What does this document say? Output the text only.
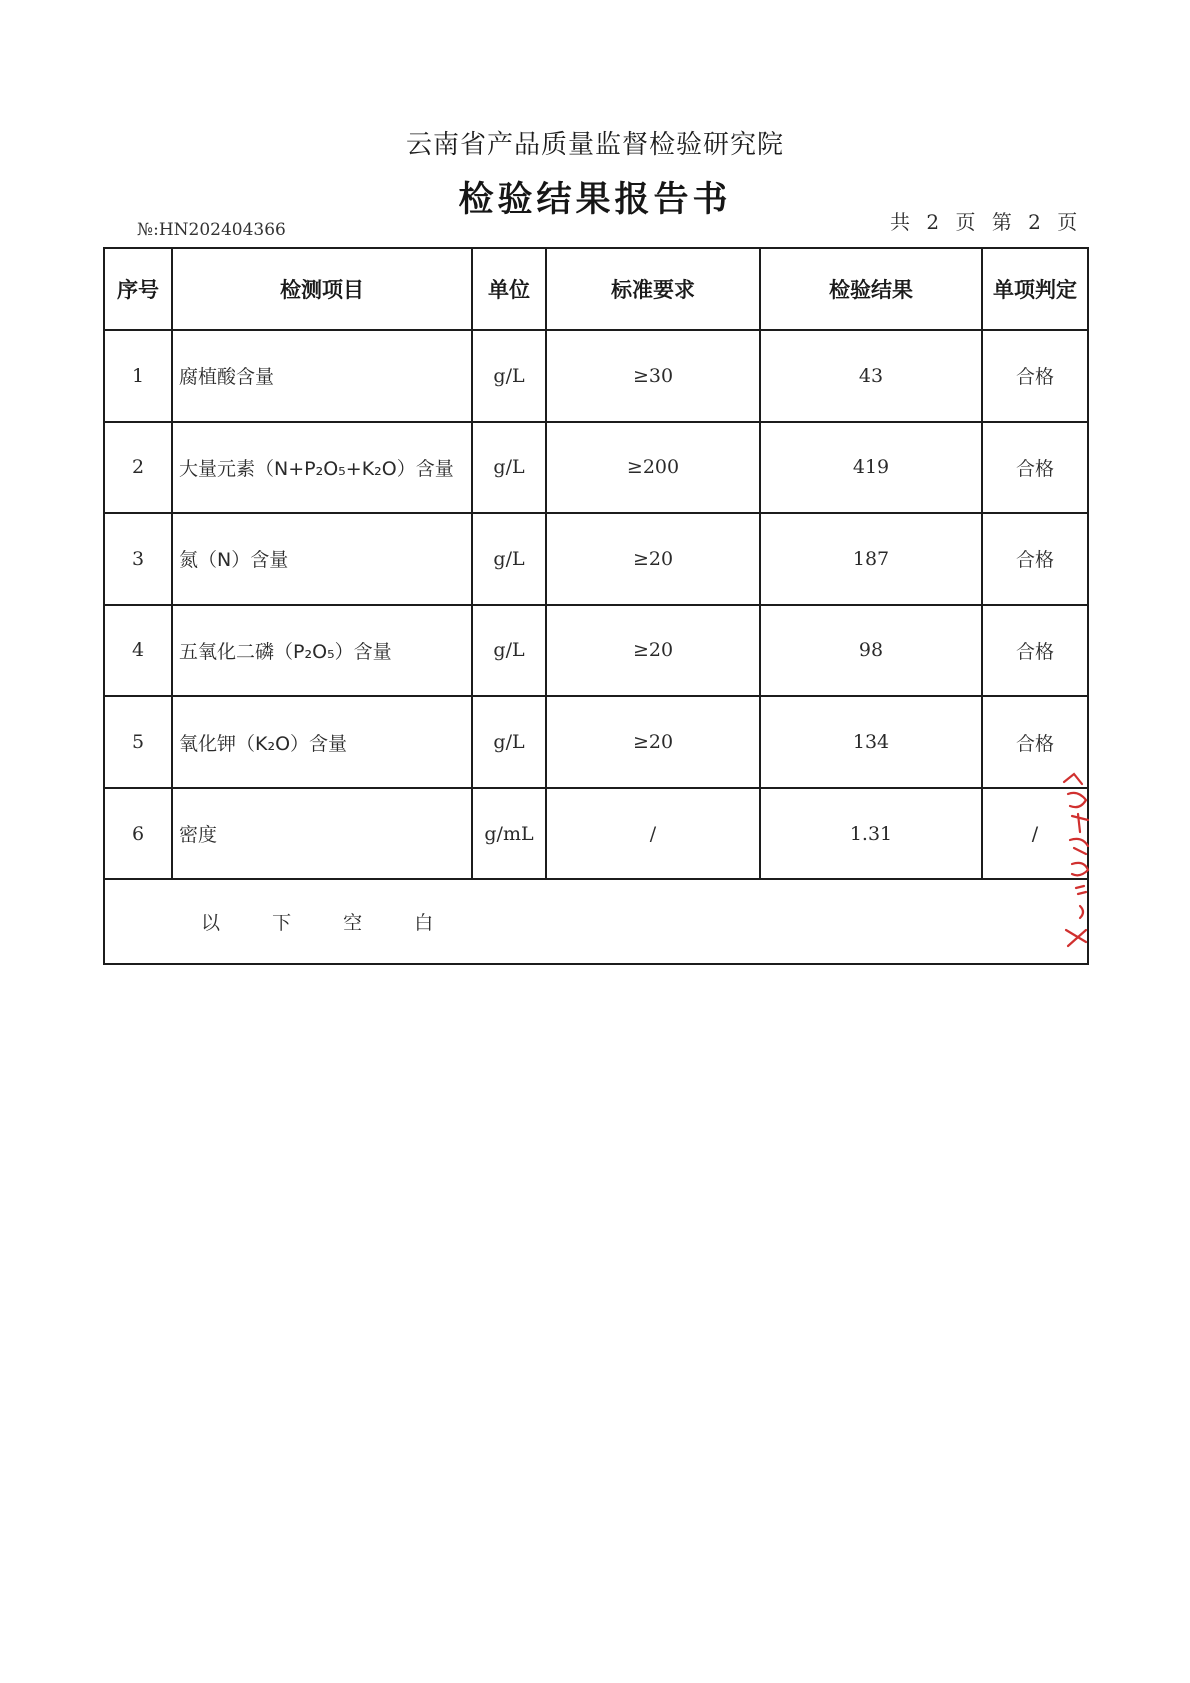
云南省产品质量监督检验研究院
检验结果报告书
№:HN202404366	共 2 页 第 2 页
序号	检测项目	单位	标准要求	检验结果	单项判定
1	腐植酸含量	g/L	≥30	43	合格
2	大量元素（N+P₂O₅+K₂O）含量	g/L	≥200	419	合格
3	氮（N）含量	g/L	≥20	187	合格
4	五氧化二磷（P₂O₅）含量	g/L	≥20	98	合格
5	氧化钾（K₂O）含量	g/L	≥20	134	合格
6	密度	g/mL	/	1.31	/
以 下 空 白					
